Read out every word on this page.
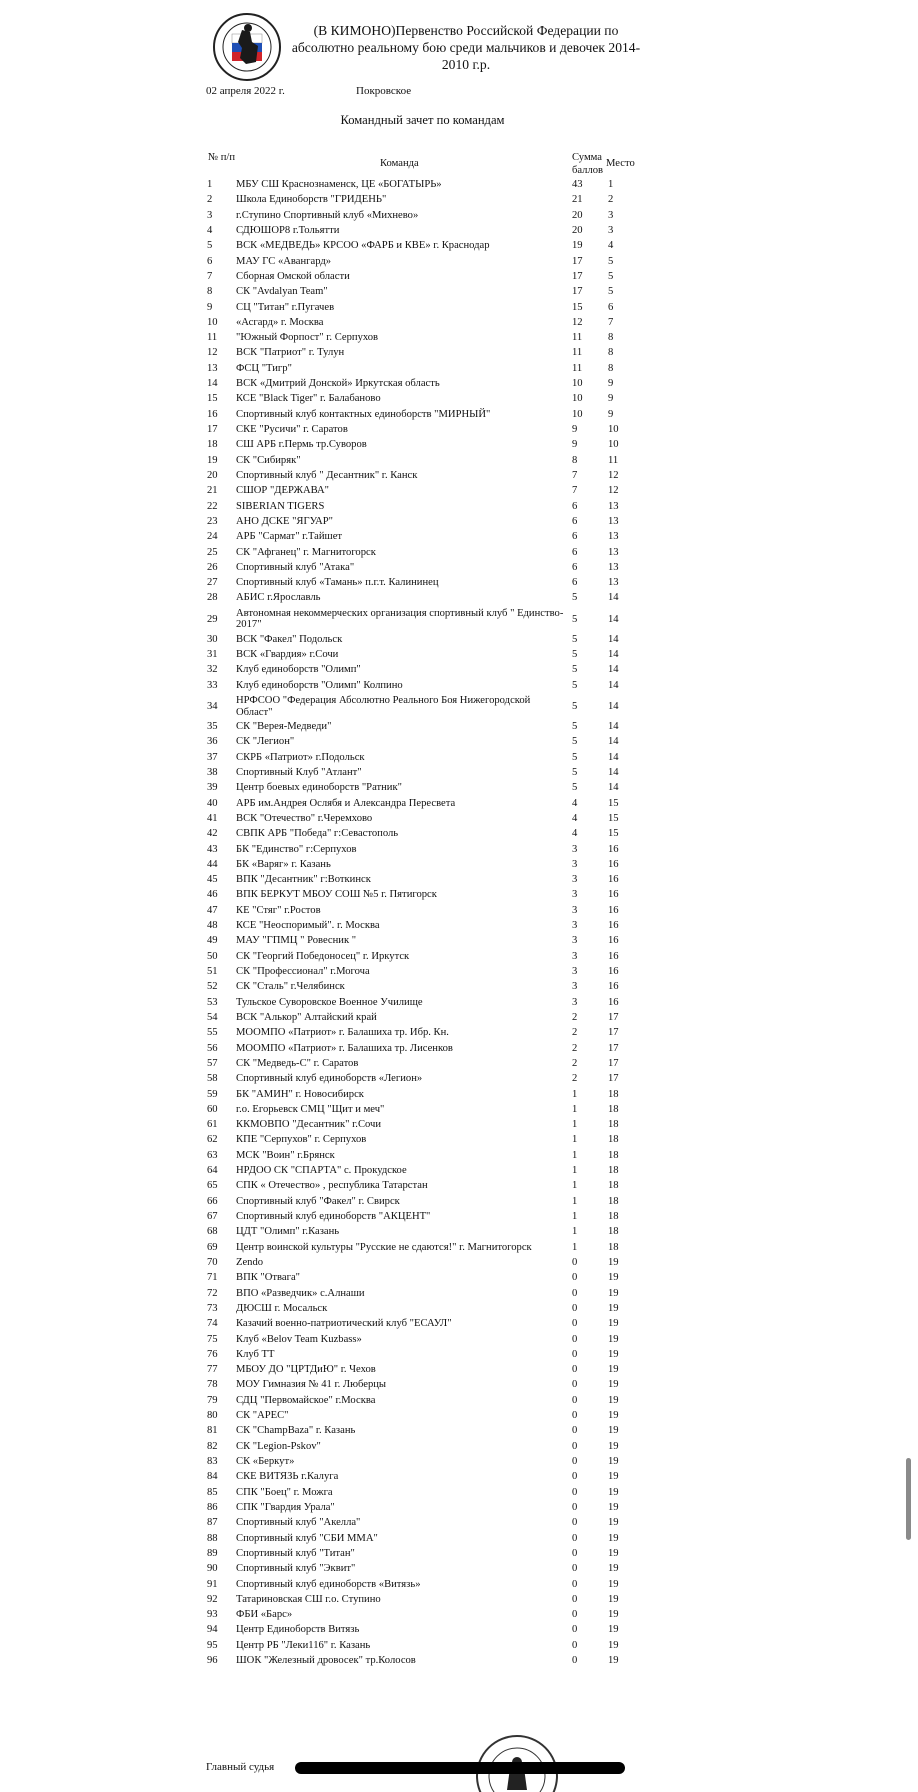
(В КИМОНО)Первенство Российской Федерации по абсолютно реальному бою среди мальчиков и девочек 2014-2010 г.р.
02 апреля 2022 г.	Покровское
Командный зачет по командам
№ п/п
Команда
Сумма баллов
Место
1 МБУ СШ Краснознаменск, ЦЕ «БОГАТЫРЬ»	43 1
2 Школа Единоборств "ГРИДЕНЬ"	21 2
3 г.Ступино Спортивный клуб «Михнево»	20 3
4 СДЮШОР8 г.Тольятти	20 3
5 ВСК «МЕДВЕДЬ» КРСОО «ФАРБ и КВЕ» г. Краснодар	19 4
6 МАУ ГС «Авангард»	17 5
7 Сборная Омской области	17 5
8 СК "Avdalyan Team"	17 5
9 СЦ "Титан" г.Пугачев	15 6
10 «Асгард» г. Москва	12 7
11 "Южный Форпост" г. Серпухов	11 8
12 ВСК "Патриот" г. Тулун	11 8
13 ФСЦ "Тигр"	11 8
14 ВСК «Дмитрий Донской» Иркутская область	10 9
15 КСЕ "Black Tiger" г. Балабаново	10 9
16 Спортивный клуб контактных единоборств "МИРНЫЙ"	10 9
17 СКЕ "Русичи" г. Саратов	9	10
18 СШ АРБ г.Пермь тр.Суворов	9	10
19 СК "Сибиряк"	8	11
20 Спортивный клуб " Десантник" г. Канск	7	12
21 СШОР "ДЕРЖАВА"	7	12
22 SIBERIAN TIGERS	6	13
23 АНО ДСКЕ "ЯГУАР"	6	13
24 АРБ "Сармат" г.Тайшет	6	13
25 СК "Афганец" г. Магнитогорск	6	13
26 Спортивный клуб "Атака"	6	13
27 Спортивный клуб «Тамань» п.г.т. Калининец	6	13
28 АБИС г.Ярославль	5	14
29
Автономная некоммерческих организация спортивный клуб " Единство- 2017"	5	14
30 ВСК "Факел" Подольск	5	14
31 ВСК «Гвардия» г.Сочи	5	14
32 Клуб единоборств "Олимп"	5	14
33 Клуб единоборств "Олимп" Колпино	5	14
34
НРФСОО "Федерация Абсолютно Реального Боя Нижегородской Област"	5	14
35 СК "Верея-Медведи"	5	14
36 СК "Легион"	5	14
37 СКРБ «Патриот» г.Подольск	5	14
38 Спортивный Клуб "Атлант"	5	14
39 Центр боевых единоборств "Ратник"	5	14
40 АРБ им.Андрея Ослябя и Александра Пересвета	4	15
41 ВСК "Отечество" г.Черемхово	4	15
42 СВПК АРБ "Победа" г:Севастополь	4	15
43 БК "Единство" г:Серпухов	3	16
44 БК «Варяг» г. Казань	3	16
45 ВПК "Десантник" г:Воткинск	3	16
46 ВПК БЕРКУТ МБОУ СОШ №5 г. Пятигорск	3	16
47 КЕ "Стяг" г.Ростов	3	16
48 КСЕ "Неоспоримый". г. Москва	3	16
49 МАУ "ГПМЦ " Ровесник "	3	16
50 СК "Георгий Победоносец" г. Иркутск	3	16
51 СК "Профессионал" г.Могоча	3	16
52 СК "Сталь" г.Челябинск	3	16
53 Тульское Суворовское Военное Училище	3	16
54 ВСК "Алькор" Алтайский край	2	17
55 МООМПО «Патриот» г. Балашиха тр. Ибр. Кн.	2	17
56 МООМПО «Патриот» г. Балашиха тр. Лисенков	2	17
57 СК "Медведь-С" г. Саратов	2	17
58 Спортивный клуб единоборств «Легион»	2	17
59 БК "АМИН" г. Новосибирск	1	18
60 г.о. Егорьевск СМЦ "Щит и меч"	1	18
61 ККМОВПО "Десантник" г.Сочи	1	18
62 КПЕ "Серпухов" г. Серпухов	1	18
63 МСК "Воин" г.Брянск	1	18
64 НРДОО СК "СПАРТА" с. Прокудское	1	18
65 СПК « Отечество» , республика Татарстан	1	18
66 Спортивный клуб "Факел" г. Свирск	1	18
67 Спортивный клуб единоборств "АКЦЕНТ"	1	18
68 ЦДТ "Олимп" г.Казань	1	18
69 Центр воинской культуры "Русские не сдаются!" г. Магнитогорск	1	18
70 Zendo	0	19
71 ВПК "Отвага"	0	19
72 ВПО «Разведчик» с.Алнаши	0	19
73 ДЮСШ г. Мосальск	0	19
74 Казачий военно-патриотический клуб "ЕСАУЛ"	0	19
75 Клуб «Belov Team Kuzbass»	0	19
76 Клуб ТТ	0	19
77 МБОУ ДО "ЦРТДиЮ" г. Чехов	0	19
78 МОУ Гимназия № 41 г. Люберцы	0	19
79 СДЦ "Первомайское" г.Москва	0	19
80 СК "АРЕС"	0	19
81 СК "ChampBaza" г. Казань	0	19
82 СК "Legion-Pskov"	0	19
83 СК «Беркут»	0	19
84 СКЕ ВИТЯЗЬ г.Калуга	0	19
85 СПК "Боец" г. Можга	0	19
86 СПК "Гвардия Урала"	0	19
87 Спортивный клуб "Акелла"	0	19
88 Спортивный клуб "СБИ ММА"	0	19
89 Спортивный клуб "Титан"	0	19
90 Спортивный клуб "Эквит"	0	19
91 Спортивный клуб единоборств «Витязь»	0	19
92 Татариновская СШ г.о. Ступино	0	19
93 ФБИ «Барс»	0	19
94 Центр Единоборств Витязь	0	19
95 Центр РБ "Леки116" г. Казань	0	19
96 ШОК "Железный дровосек" тр.Колосов	0	19
Главный судья
